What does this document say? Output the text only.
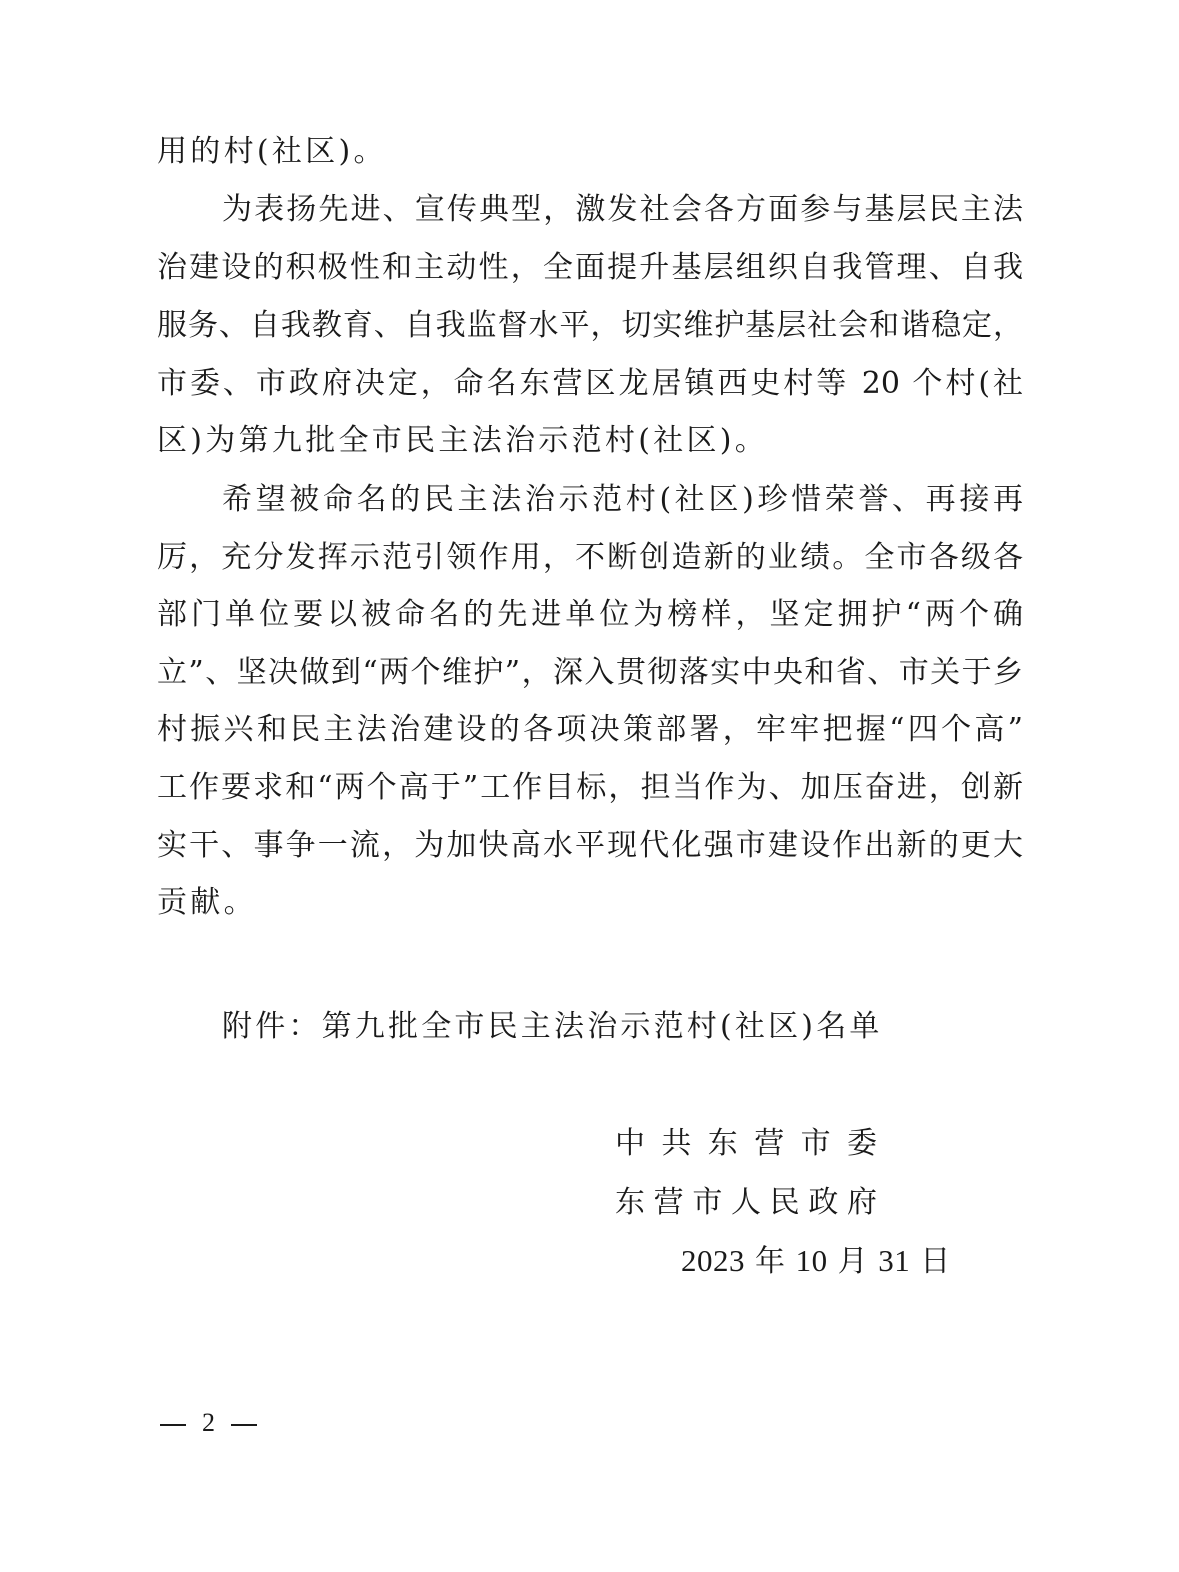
用的村(社区)。
为表扬先进、宣传典型，激发社会各方面参与基层民主法
治建设的积极性和主动性，全面提升基层组织自我管理、自我
服务、自我教育、自我监督水平，切实维护基层社会和谐稳定，
市委、市政府决定，命名东营区龙居镇西史村等 20 个村(社
区)为第九批全市民主法治示范村(社区)。
希望被命名的民主法治示范村(社区)珍惜荣誉、再接再
厉，充分发挥示范引领作用，不断创造新的业绩。全市各级各
部门单位要以被命名的先进单位为榜样，坚定拥护“两个确
立”、坚决做到“两个维护”，深入贯彻落实中央和省、市关于乡
村振兴和民主法治建设的各项决策部署，牢牢把握“四个高”
工作要求和“两个高于”工作目标，担当作为、加压奋进，创新
实干、事争一流，为加快高水平现代化强市建设作出新的更大
贡献。
附件：第九批全市民主法治示范村(社区)名单
中共东营市委
东营市人民政府
2023 年 10 月 31 日
2
